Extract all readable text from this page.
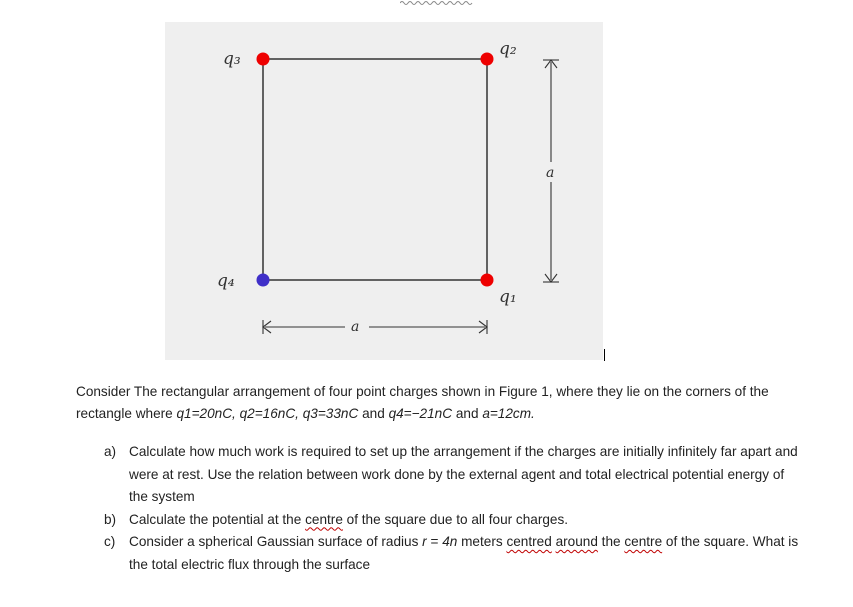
q₃	q₂
q₄
q₁
a
a
Consider The rectangular arrangement of four point charges shown in Figure 1, where they lie on the corners of the rectangle where q1=20nC, q2=16nC, q3=33nC and q4=−21nC and a=12cm.
a) Calculate how much work is required to set up the arrangement if the charges are initially infinitely far apart and were at rest. Use the relation between work done by the external agent and total electrical potential energy of the system
b) Calculate the potential at the centre of the square due to all four charges.
c) Consider a spherical Gaussian surface of radius r = 4n meters centred around the centre of the square. What is the total electric flux through the surface
